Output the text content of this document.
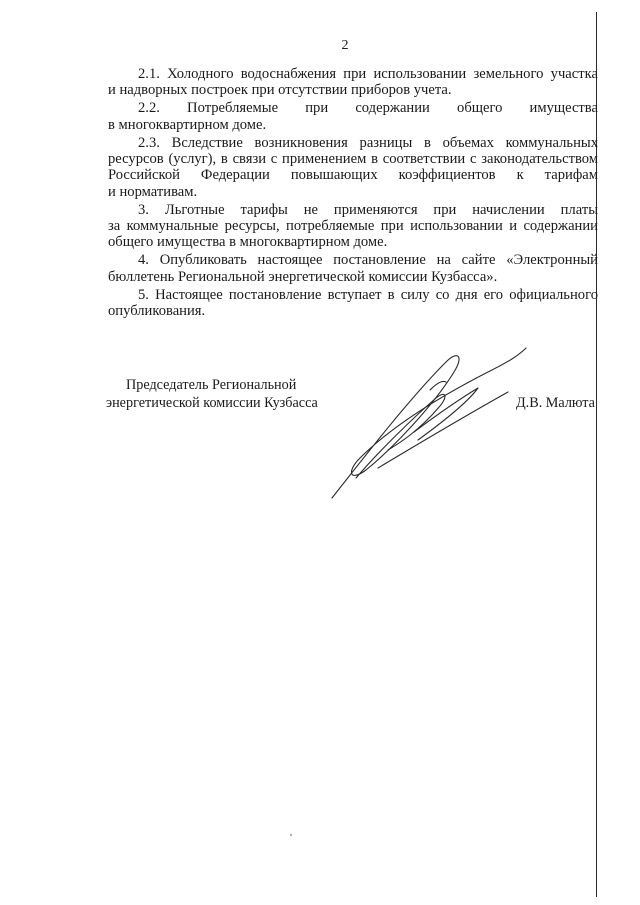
2
2.1. Холодного водоснабжения при использовании земельного участка
и надворных построек при отсутствии приборов учета.
2.2. Потребляемые при содержании общего имущества
в многоквартирном доме.
2.3. Вследствие возникновения разницы в объемах коммунальных
ресурсов (услуг), в связи с применением в соответствии с законодательством
Российской Федерации повышающих коэффициентов к тарифам
и нормативам.
3. Льготные тарифы не применяются при начислении платы
за коммунальные ресурсы, потребляемые при использовании и содержании
общего имущества в многоквартирном доме.
4. Опубликовать настоящее постановление на сайте «Электронный
бюллетень Региональной энергетической комиссии Кузбасса».
5. Настоящее постановление вступает в силу со дня его официального
опубликования.
Председатель Региональной
энергетической комиссии Кузбасса	Д.В. Малюта
